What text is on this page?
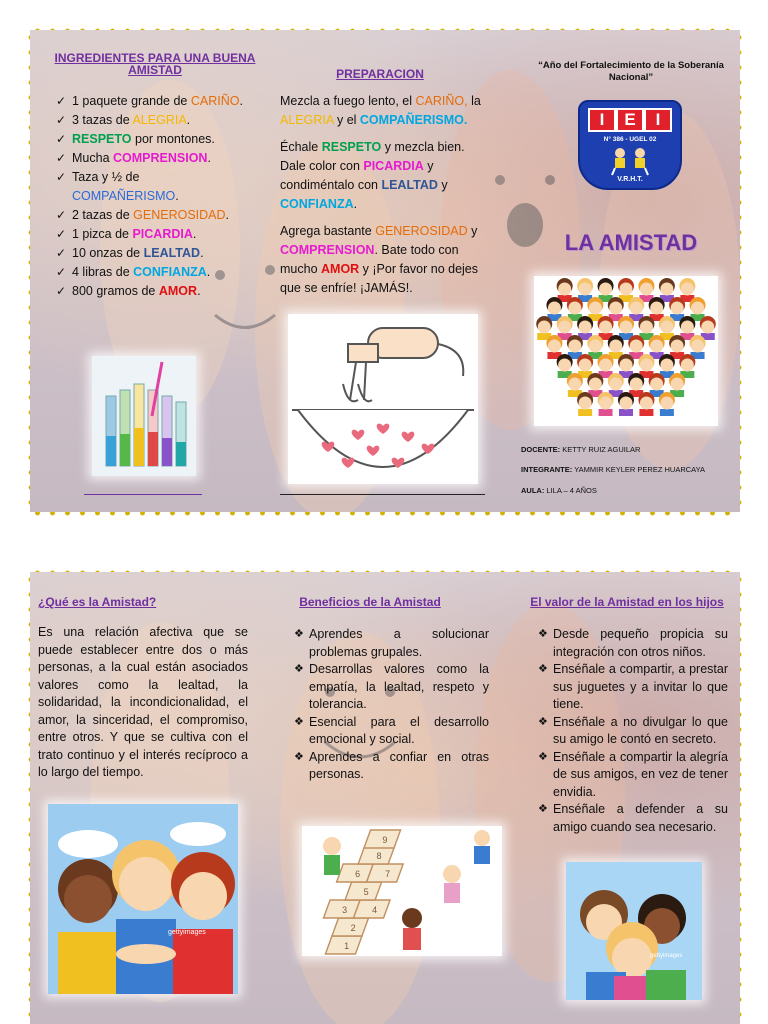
INGREDIENTES PARA UNA BUENA AMISTAD
✓ 1 paquete grande de CARIÑO.
✓ 3 tazas de ALEGRIA.
✓ RESPETO por montones.
✓ Mucha COMPRENSION.
✓ Taza y ½ de COMPAÑERISMO.
✓ 2 tazas de GENEROSIDAD.
✓ 1 pizca de PICARDIA.
✓ 10 onzas de LEALTAD.
✓ 4 libras de CONFIANZA.
✓ 800 gramos de AMOR.
PREPARACION

Mezcla a fuego lento, el CARIÑO, la ALEGRIA y el COMPAÑERISMO.

Échale RESPETO y mezcla bien. Dale color con PICARDIA y condiméntalo con LEALTAD y CONFIANZA.

Agrega bastante GENEROSIDAD y COMPRENSION. Bate todo con mucho AMOR y ¡Por favor no dejes que se enfríe! ¡JAMÁS!.

“Año del Fortalecimiento de la Soberanía Nacional”
I	E	I
N° 386 - UGEL 02
V.R.H.T.
LA AMISTAD
DOCENTE: KETTY RUIZ AGUILAR
INTEGRANTE: YAMMIR KEYLER PEREZ HUARCAYA
AULA: LILA – 4 AÑOS
¿Qué es la Amistad?

Es una relación afectiva que se puede establecer entre dos o más personas, a la cual están asociados valores como la lealtad, la solidaridad, la incondicionalidad, el amor, la sinceridad, el compromiso, entre otros. Y que se cultiva con el trato continuo y el interés recíproco a lo largo del tiempo.

gettyimages
Beneficios de la Amistad
❖ Aprendes a solucionar problemas grupales.
❖ Desarrollas valores como la empatía, la lealtad, respeto y tolerancia.
❖ Esencial para el desarrollo emocional y social.
❖ Aprendes a confiar en otras personas.
1
2
3	4
5
6	7
8
9
El valor de la Amistad en los hijos
❖ Desde pequeño propicia su integración con otros niños.
❖ Enséñale a compartir, a prestar sus juguetes y a invitar lo que tiene.
❖ Enséñale a no divulgar lo que su amigo le contó en secreto.
❖ Enséñale a compartir la alegría de sus amigos, en vez de tener envidia.
❖ Enséñale a defender a su amigo cuando sea necesario.
gettyimages
